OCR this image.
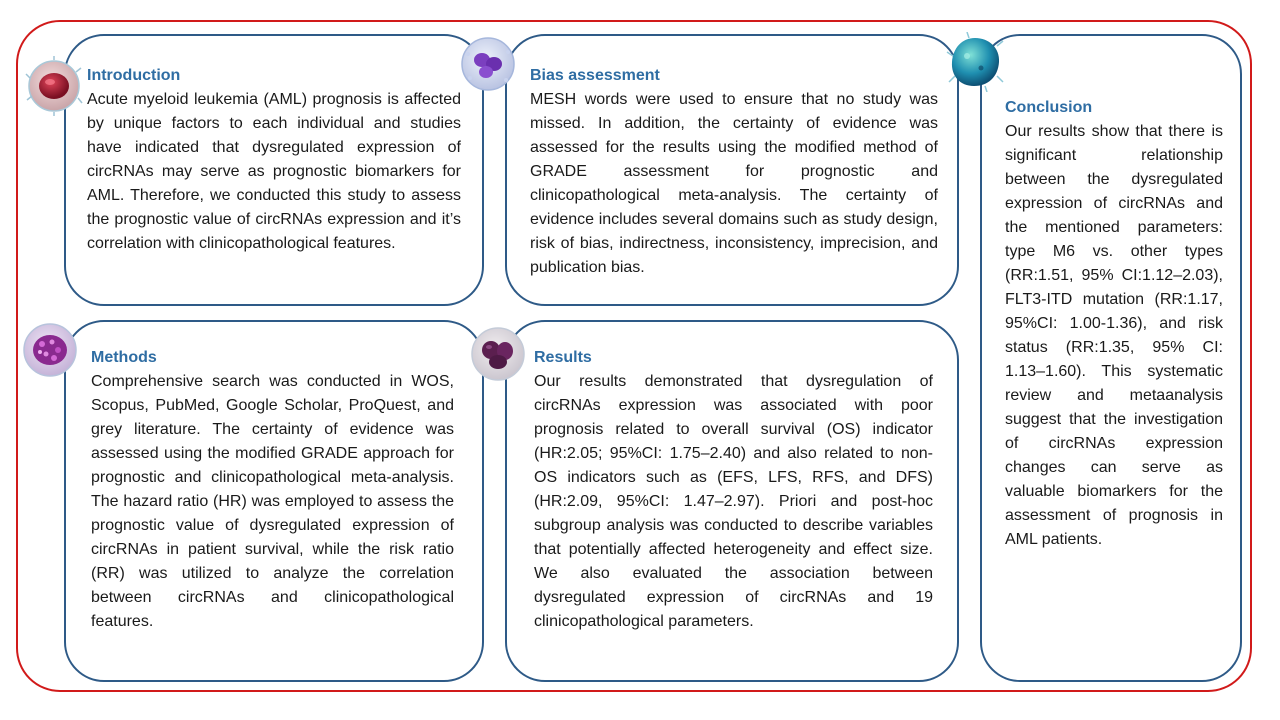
Introduction	Bias assessment
Methods	Results
Conclusion

Acute myeloid leukemia (AML) prognosis is affected by unique factors to each individual and studies have indicated that dysregulated expression of circRNAs may serve as prognostic biomarkers for AML. Therefore, we conducted this study to assess the prognostic value of circRNAs expression and it’s correlation with clinicopathological features.

MESH words were used to ensure that no study was missed. In addition, the certainty of evidence was assessed for the results using the modified method of GRADE assessment for prognostic and clinicopathological meta-analysis. The certainty of evidence includes several domains such as study design, risk of bias, indirectness, inconsistency, imprecision, and publication bias.

Comprehensive search was conducted in WOS, Scopus, PubMed, Google Scholar, ProQuest, and grey literature. The certainty of evidence was assessed using the modified GRADE approach for prognostic and clinicopathological meta-analysis. The hazard ratio (HR) was employed to assess the prognostic value of dysregulated expression of circRNAs in patient survival, while the risk ratio (RR) was utilized to analyze the correlation between circRNAs and clinicopathological features.

Our results demonstrated that dysregulation of circRNAs expression was associated with poor prognosis related to overall survival (OS) indicator (HR:2.05; 95%CI: 1.75–2.40) and also related to non-OS indicators such as (EFS, LFS, RFS, and DFS) (HR:2.09, 95%CI: 1.47–2.97). Priori and post-hoc subgroup analysis was conducted to describe variables that potentially affected heterogeneity and effect size. We also evaluated the association between dysregulated expression of circRNAs and 19 clinicopathological parameters.

Our results show that there is significant relationship between the dysregulated expression of circRNAs and the mentioned parameters: type M6 vs. other types (RR:1.51, 95% CI:1.12–2.03), FLT3-ITD mutation (RR:1.17, 95%CI: 1.00-1.36), and risk status (RR:1.35, 95% CI: 1.13–1.60). This systematic review and metaanalysis suggest that the investigation of circRNAs expression changes can serve as valuable biomarkers for the assessment of prognosis in AML patients.
